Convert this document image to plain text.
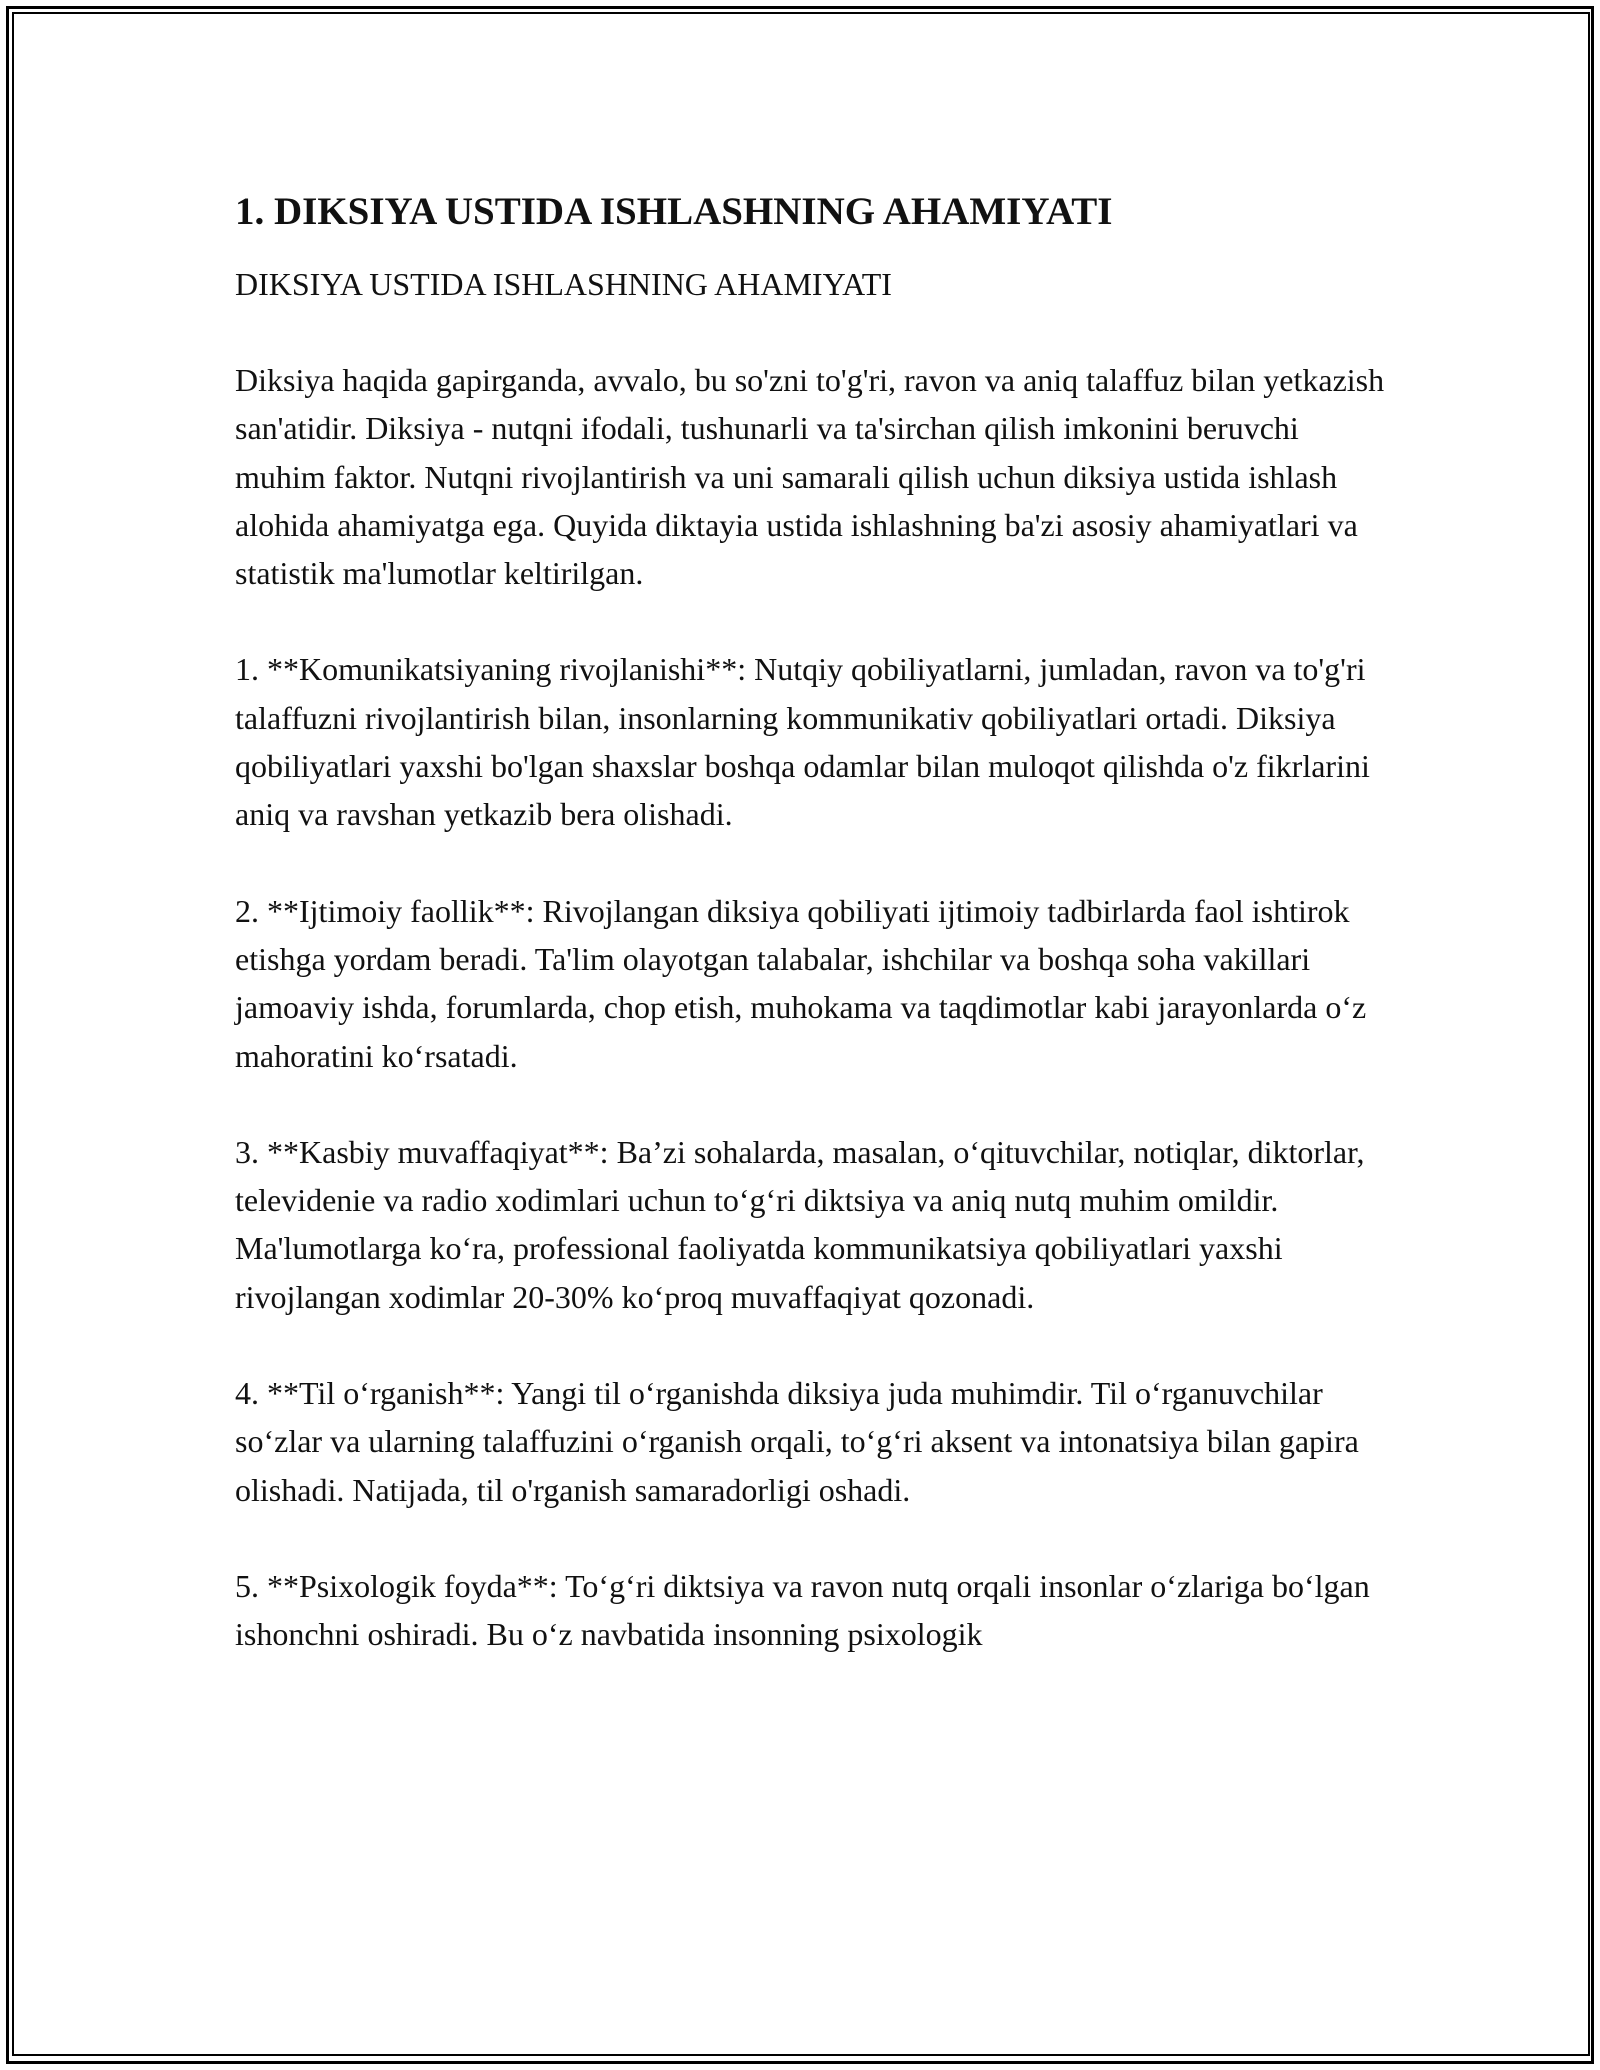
1. DIKSIYA USTIDA ISHLASHNING AHAMIYATI
DIKSIYA USTIDA ISHLASHNING AHAMIYATI

Diksiya haqida gapirganda, avvalo, bu so'zni to'g'ri, ravon va aniq talaffuz bilan yetkazish san'atidir. Diksiya - nutqni ifodali, tushunarli va ta'sirchan qilish imkonini beruvchi muhim faktor. Nutqni rivojlantirish va uni samarali qilish uchun diksiya ustida ishlash alohida ahamiyatga ega. Quyida diktayia ustida ishlashning ba'zi asosiy ahamiyatlari va statistik ma'lumotlar keltirilgan.

1. **Komunikatsiyaning rivojlanishi**: Nutqiy qobiliyatlarni, jumladan, ravon va to'g'ri talaffuzni rivojlantirish bilan, insonlarning kommunikativ qobiliyatlari ortadi. Diksiya qobiliyatlari yaxshi bo'lgan shaxslar boshqa odamlar bilan muloqot qilishda o'z fikrlarini aniq va ravshan yetkazib bera olishadi.

2. **Ijtimoiy faollik**: Rivojlangan diksiya qobiliyati ijtimoiy tadbirlarda faol ishtirok etishga yordam beradi. Ta'lim olayotgan talabalar, ishchilar va boshqa soha vakillari jamoaviy ishda, forumlarda, chop etish, muhokama va taqdimotlar kabi jarayonlarda oʻz mahoratini koʻrsatadi.

3. **Kasbiy muvaffaqiyat**: Baʼzi sohalarda, masalan, oʻqituvchilar, notiqlar, diktorlar, televidenie va radio xodimlari uchun toʻgʻri diktsiya va aniq nutq muhim omildir. Ma'lumotlarga koʻra, professional faoliyatda kommunikatsiya qobiliyatlari yaxshi rivojlangan xodimlar 20-30% koʻproq muvaffaqiyat qozonadi.

4. **Til oʻrganish**: Yangi til oʻrganishda diksiya juda muhimdir. Til oʻrganuvchilar soʻzlar va ularning talaffuzini oʻrganish orqali, toʻgʻri aksent va intonatsiya bilan gapira olishadi. Natijada, til o'rganish samaradorligi oshadi.

5. **Psixologik foyda**: Toʻgʻri diktsiya va ravon nutq orqali insonlar oʻzlariga boʻlgan ishonchni oshiradi. Bu oʻz navbatida insonning psixologik
